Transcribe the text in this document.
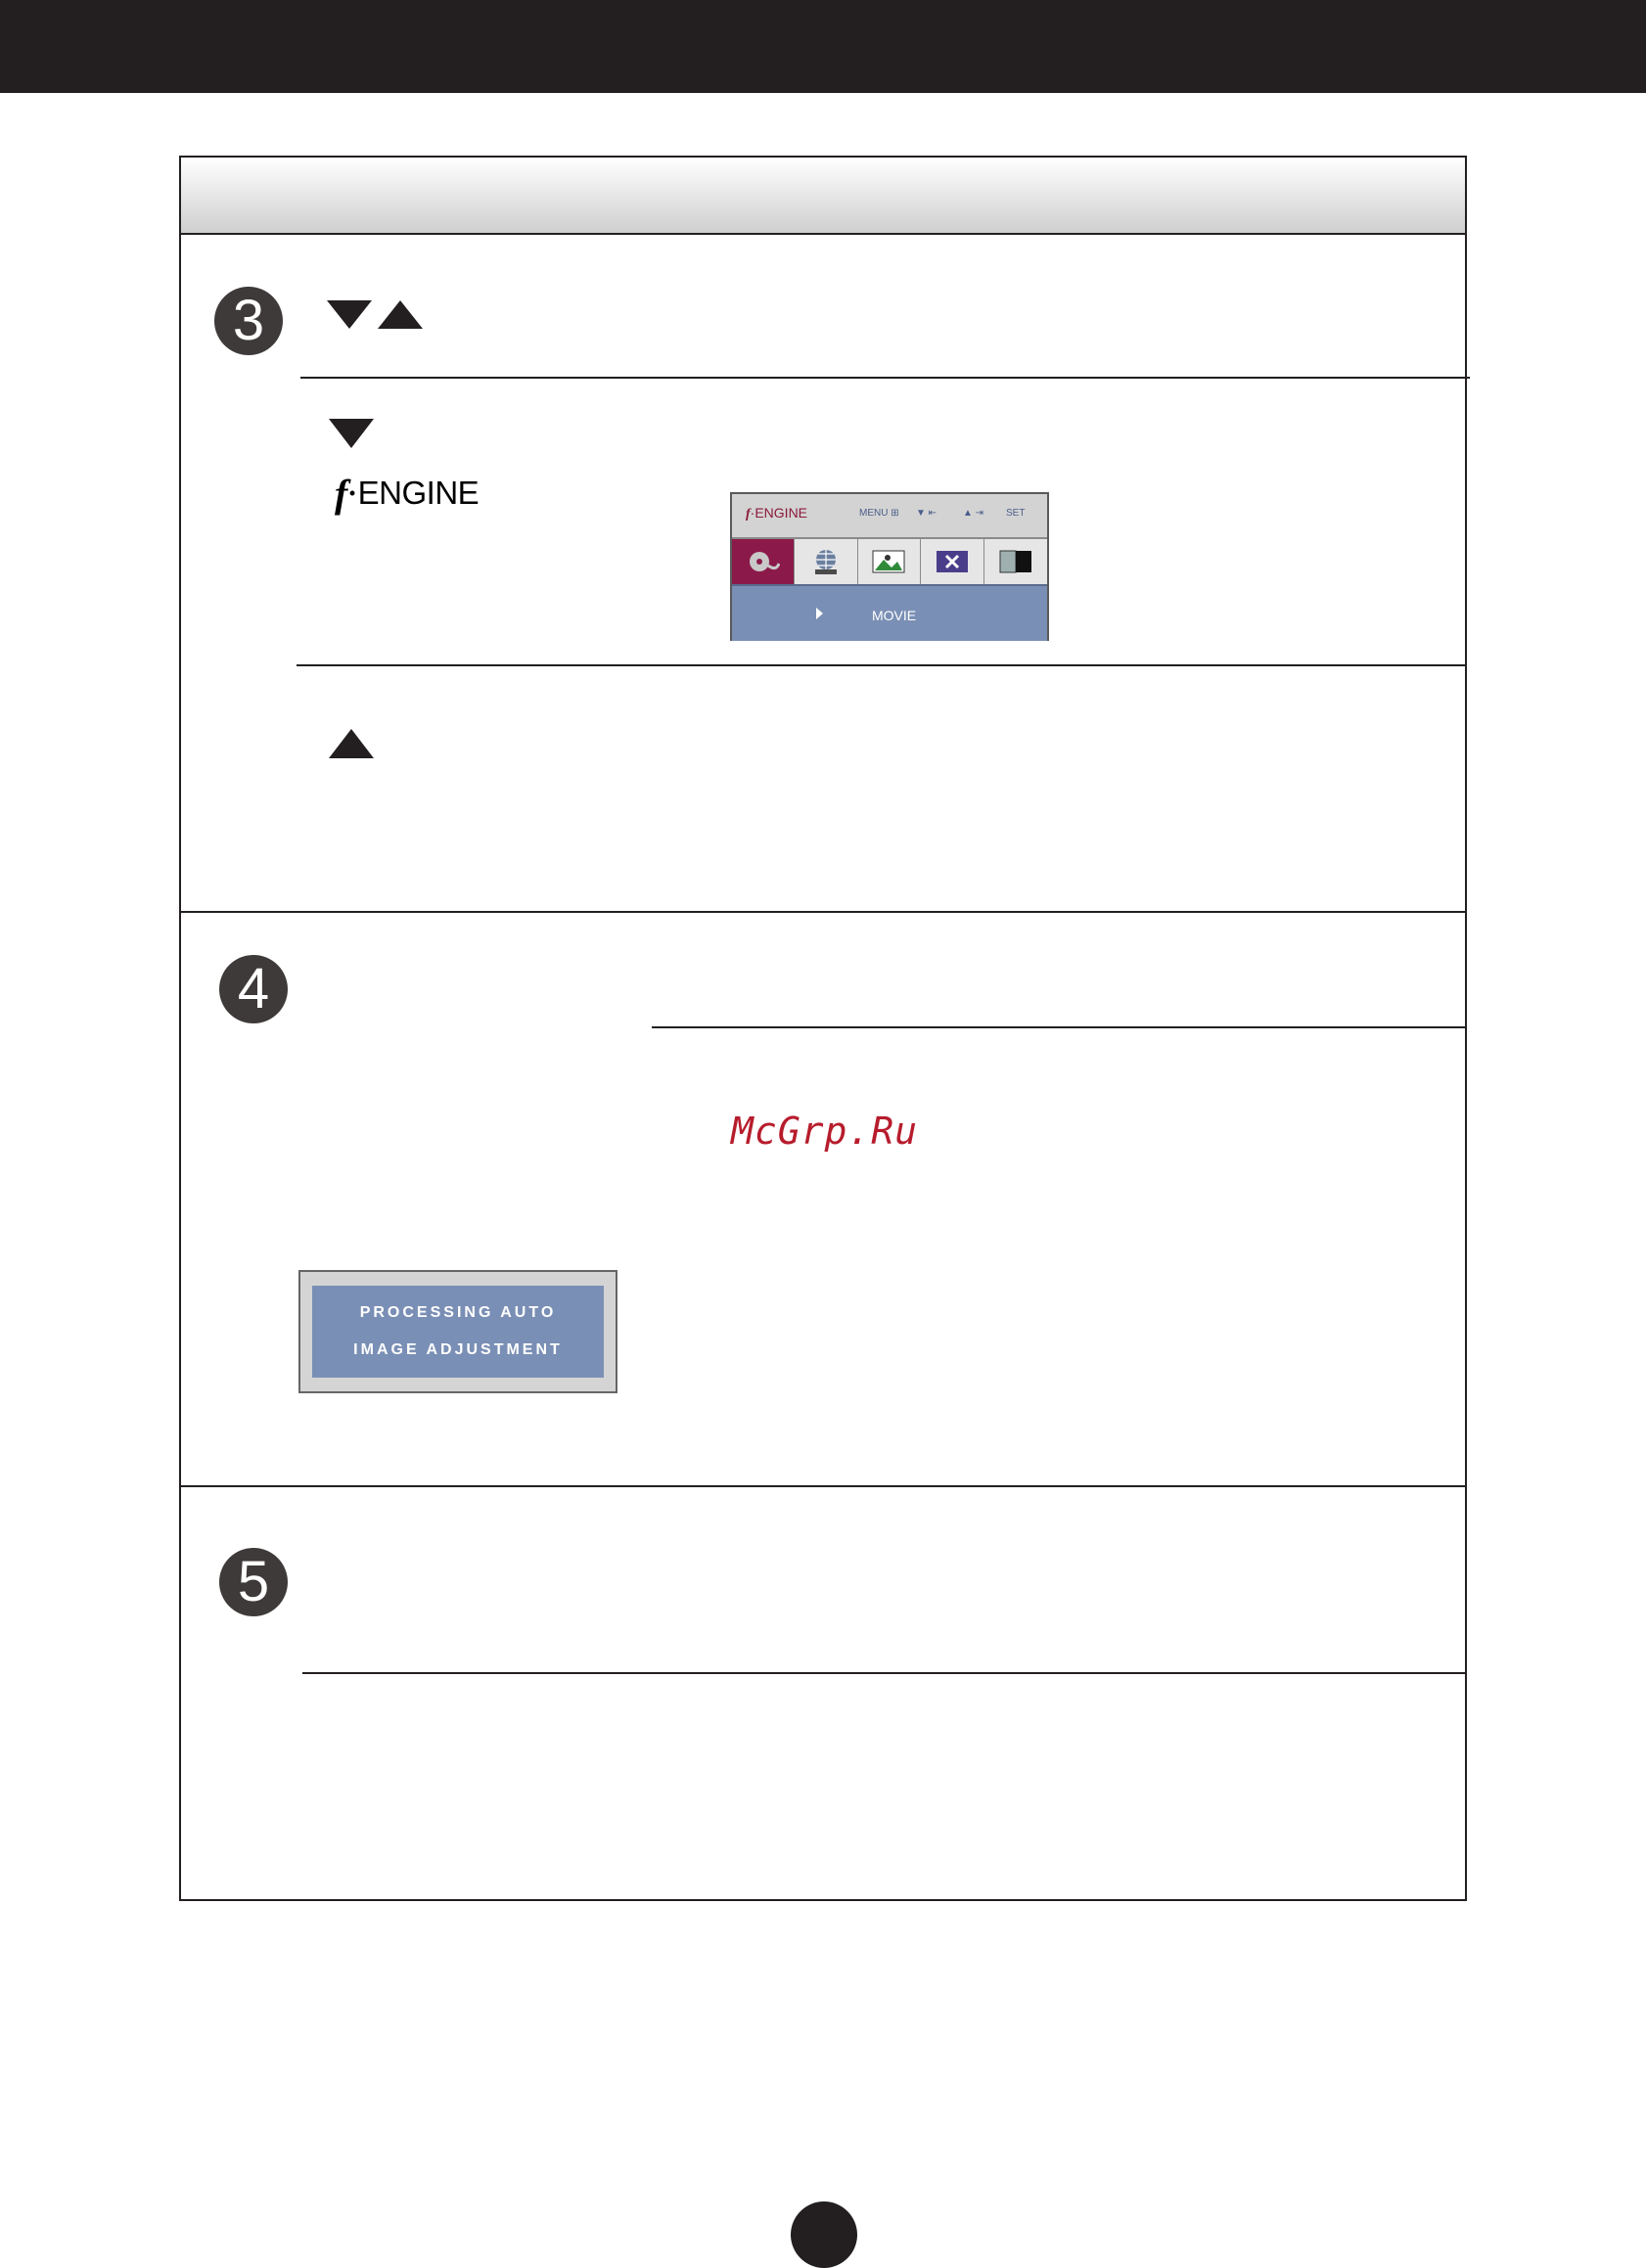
3
f • ENGINE
f·ENGINE	MENU ⊞ ▼ ⇤	▲ ⇥ SET
MOVIE
4
McGrp.Ru
PROCESSING AUTO
IMAGE ADJUSTMENT
5
